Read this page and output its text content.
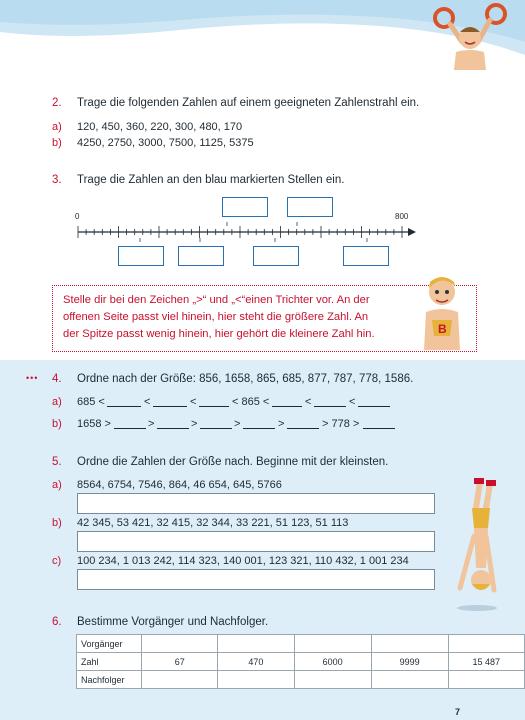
2. Trage die folgenden Zahlen auf einem geeigneten Zahlenstrahl ein.
a) 120, 450, 360, 220, 300, 480, 170
b) 4250, 2750, 3000, 7500, 1125, 5375
3. Trage die Zahlen an den blau markierten Stellen ein.
0	800
Stelle dir bei den Zeichen „>“ und „<“einen Trichter vor. An der
offenen Seite passt viel hinein, hier steht die größere Zahl. An
der Spitze passt wenig hinein, hier gehört die kleinere Zahl hin.	B
••• 4. Ordne nach der Größe: 856, 1658, 865, 685, 877, 787, 778, 1586.
a) 685 <	<	<	< 865 <	<	<
b) 1658 >	>	>	>	>	> 778 >
5. Ordne die Zahlen der Größe nach. Beginne mit der kleinsten.
a) 8564, 6754, 7546, 864, 46 654, 645, 5766
b) 42 345, 53 421, 32 415, 32 344, 33 221, 51 123, 51 113
c) 100 234, 1 013 242, 114 323, 140 001, 123 321, 110 432, 1 001 234
6. Bestimme Vorgänger und Nachfolger.
Vorgänger					
Zahl	67	470	6000	9999	15 487
Nachfolger					
7
